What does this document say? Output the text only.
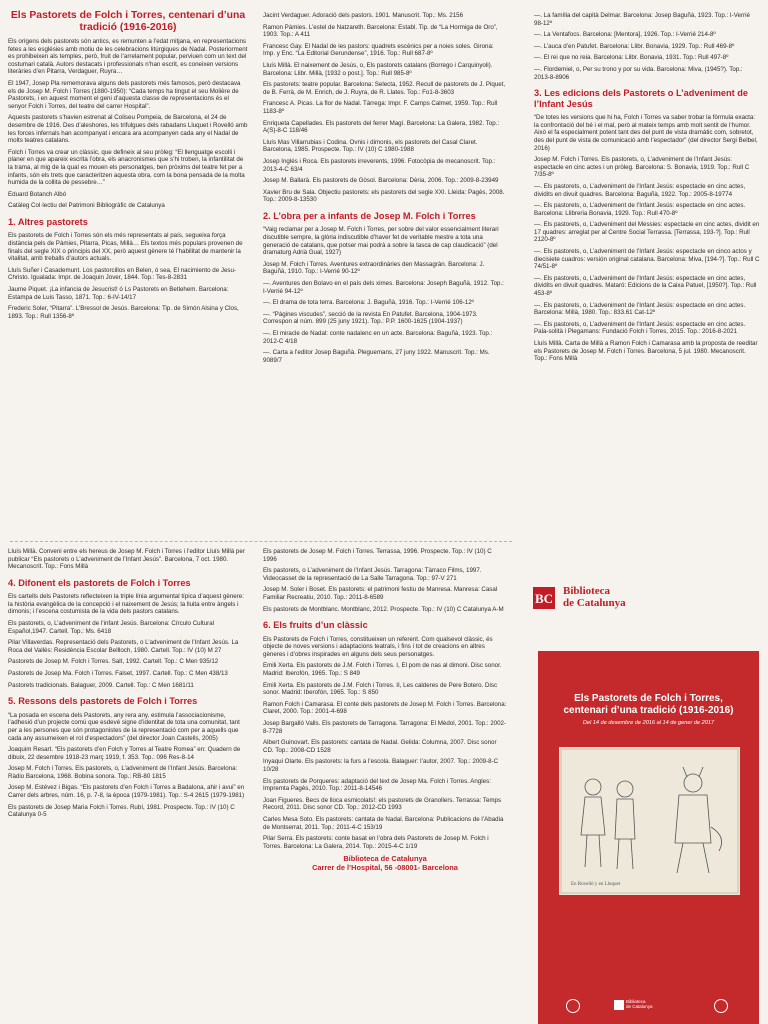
Els Pastorets de Folch i Torres, centenari d’una tradició (1916-2016)

Els orígens dels pastorets són antics, es remunten a l’edat mitjana, en representacions fetes a les esglésies amb motiu de les celebracions litúrgiques de Nadal. Posteriorment es prohibeixen als temples, però, fruit de l’arrelament popular, perviuen com un text del costumari català. Autors destacats i professionals n’han escrit, es coneixen versions literàries d’en Pitarra, Verdaguer, Ruyra…

El 1947, Josep Pla rememorava alguns dels pastorets més famosos, però destacava els de Josep M. Folch i Torres (1880-1950): “Cada temps ha tingut el seu Molière de Pastorets, i en aquest moment el geni d’aquesta classe de representacions és el senyor Folch i Torres, del teatre del carrer Hospital”.

Aquests pastorets s’havien estrenat al Coliseu Pompeia, de Barcelona, el 24 de desembre de 1916. Des d’aleshores, les trifulgues dels rabadans Lluquet i Rovelló amb les forces infernals han acompanyat i encara ara acompanyen cada any el Nadal de molts teatres catalans.

Folch i Torres va crear un clàssic, que defineix al seu pròleg: “El llenguatge escolli i planer en que apareix escrita l’obra, els anacronismes que s’hi troben, la infantilitat de la trama, al mig de la qual es mouen els personatges, ben pròxims del teatre fet per a infants, són els trets que caracteritzen aquesta obra, com la bona pensada de la molta humida de la collita de pessebre…”

Eduard Botanch Albó

Catàleg Col·lectiu del Patrimoni Bibliogràfic de Catalunya

1. Altres pastorets

Els pastorets de Folch i Torres són els més representats al país, segueixa força distància pels de Pàmies, Pitarra, Picas, Millà… Els textos més populars provenen de finals del segle XIX o principis del XX, però aquest gènere té l’habilitat de mantenir la vitalitat, amb treballs d’autors actuals.

Lluís Suñer i Casademunt. Los pastorcillos en Belen, ó sea, El nacimiento de Jesu-Christo. Igualada: Impr. de Joaquin Jover, 1844. Top.: Tes-8-2831

Jaume Piquet. ¡La infancia de Jesucrist! ó Ls Pastorets en Betlehem. Barcelona: Estampa de Luis Tasso, 1871. Top.: 6-IV-14/17

Frederic Soler, “Pitarra”. L’Bressol de Jesús. Barcelona: Tip. de Simón Alsina y Clos, 1893. Top.: Rull 1356-8º

Lluís Millà. Conveni entre els hereus de Josep M. Folch i Torres i l’editor Lluís Millà per publicar “Els pastorets o L’adveniment de l’Infant Jesús”. Barcelona, 7 oct. 1980. Mecanoscrit. Top.: Fons Millà

4. Difonent els pastorets de Folch i Torres

Els cartells dels Pastorets reflecteixen la triple línia argumental típica d’aquest gènere: la història evangèlica de la concepció i el naixement de Jesús; la lluita entre àngels i dimonis; i l’escena costumista de la vida dels pastors catalans.

Els pastorets, o, L’adveniment de l’infant Jesús. Barcelona: Círculo Cultural Español,1947. Cartell. Top.: Ms. 6418

Pilar Villaverdas. Representació dels Pastorets, o L’adveniment de l’Infant Jesús. La Roca del Vallès: Residència Escolar Bellloch, 1980. Cartell. Top.: IV (10) M 27

Pastorets de Josep M. Folch i Torres. Salt, 1992. Cartell. Top.: C Men 935/12

Pastorets de Josep Ma. Folch i Torres. Falset, 1997. Cartell. Top.: C Men 438/13

Pastorets tradicionals. Balaguer, 2009. Cartell. Top.: C Men 1681/11

5. Ressons dels pastorets de Folch i Torres

“La posada en escena dels Pastorets, any rera any, estimula l’associacionisme, l’adhesió d’un projecte comú que esdevé signe d’identitat de tota una comunitat, tant per a les persones que són protagonistes de la representació com per a aquells que cada any assumeixen el rol d’espectadors” (del director Joan Castells, 2005)

Joaquim Resart. “Els pastorets d’en Folch y Torres al Teatre Romea” en: Quadern de dibuix, 22 desembre 1918-23 març 1919, f. 353. Top.: 096 Res-8-14

Josep M. Folch i Torres. Els pastorets, o, L’adveniment de l’Infant Jesús. Barcelona: Ràdio Barcelona, 1968. Bobina sonora. Top.: RB-80 1815

Josep M. Estévez i Bigas. “Els pastorets d’en Folch i Torres a Badalona, ahir i avui” en Carrer dels arbres, núm. 16, p. 7-8, la època (1979-1981). Top.: S-4 2615 (1979-1981)

Els pastorets de Josep Maria Folch i Torres. Rubí, 1981. Prospecte. Top.: IV (10) C Catalunya 0-5

Jacint Verdaguer. Adoració dels pastors. 1901. Manuscrit. Top.: Ms. 2156

Ramon Pàmies. L’estel de Natzareth. Barcelona: Establ. Tip. de “La Hormiga de Oro”, 1903. Top.: A 411

Francesc Gay. El Nadal de les pastors: quadrets escènics per a noies soles. Girona: Imp. y Enc. “La Editorial Gerundense”, 1916. Top.: Rull 687-8º

Lluís Millà. El naixement de Jesús, o, Els pastorets catalans (Borrego i Carquinyoli). Barcelona: Llibr. Millà, [1932 o post.]. Top.: Rull 985-8º

Els pastorets: teatre popular. Barcelona: Selecta, 1952. Recull de pastorets de J. Piquet, de B. Ferrà, de M. Enrich, de J. Ruyra, de R. Llates. Top.: Fo1-8-3603

Francesc A. Picas. La flor de Nadal. Tàrrega: Impr. F. Camps Calmet, 1959. Top.: Rull 1183-8º

Enriqueta Capellades. Els pastorets del ferrer Magí. Barcelona: La Galera, 1982. Top.: A(S)-8-C 118/46

Lluís Mas Villarrubias i Codina. Ovnis i dimonis, els pastorets del Casal Claret. Barcelona, 1985. Prospecte. Top.: IV (10) C 1980-1988

Josep Inglés i Roca. Els pastorets irreverents, 1996. Fotocòpia de mecanoscrit. Top.: 2013-4-C 63/4

Josep M. Ballarà. Els pastorets de Gòsol. Barcelona: Dèria, 2006. Top.: 2009-8-23949

Xavier Bru de Sala. Objectiu pastorets: els pastorets del segle XXI. Lleida: Pagès, 2008. Top.: 2009-8-13530

2. L’obra per a infants de Josep M. Folch i Torres

“Vaig reclamar per a Josep M. Folch i Torres, per sobre del valor essencialment literari discutible sempre, la glòria indiscutible d’haver fet de veritable mestre a tota una generació de catalans, que potser mai podrà a sobre la tasca de cap claudicació” (del dramaturg Adrià Gual, 1927)

Josep M. Folch i Torres. Aventures extraordinàries den Massagràn. Barcelona: J. Baguñà, 1910. Top.: I-Verrié 90-12º

—. Aventures den Bolavo en el país dels ximes. Barcelona: Joseph Baguñà, 1912. Top.: I-Verrié 94-12º

—. El drama de tota terra. Barcelona: J. Baguñà, 1916. Top.: I-Verrié 106-12º

—. “Pàgines viscudes”, secció de la revista En Patufet. Barcelona, 1904-1973. Correspon al núm. 899 (25 juny 1921). Top.: P.P. 1600-1625 (1904-1937)

—. El miracle de Nadal: conte nadalenc en un acte. Barcelona: Baguñà, 1923. Top.: 2012-C 4/18

—. Carta a l’editor Josep Baguñà. Pleguemans, 27 juny 1922. Manuscrit. Top.: Ms. 9089/7

Els pastorets de Josep M. Folch i Torres. Terrassa, 1996. Prospecte. Top.: IV (10) C 1996

Els pastorets, o L’adveniment de l’Infant Jesús. Tarragona: Tàrraco Films, 1997. Videocasset de la representació de La Salle Tarragona. Top.: 97-V 271

Josep M. Soler i Boset. Els pastorets: el patrimoni festiu de Manresa. Manresa: Casal Familiar Recreatiu, 2010. Top.: 2011-8-6589

Els pastorets de Montblanc. Montblanc, 2012. Prospecte. Top.: IV (10) C Catalunya A-M

6. Els fruits d’un clàssic

Els Pastorets de Folch i Torres, constitueixen un referent. Com qualsevol clàssic, és objecte de noves versions i adaptacions teatrals, i fins i tot de creacions en altres gèneres i d’obres inspirades en alguns dels seus personatges.

Emili Xerta. Els pastorets de J.M. Folch i Torres. I, El pom de nas al dimoni. Disc sonor. Madrid: Iberofón, 1965. Top.: S 849

Emili Xerta. Els pastorets de J.M. Folch i Torres. II, Les calderes de Pere Botero. Disc sonor. Madrid: Iberofón, 1965. Top.: S 850

Ramon Folch i Camarasa. El conte dels pastorets de Josep M. Folch i Torres. Barcelona: Claret, 2000. Top.: 2001-4-698

Josep Bargalló Valls. Els pastorets de Tarragona. Tarragona: El Mèdol, 2001. Top.: 2002-8-7728

Albert Guinovart. Els pastorets: cantata de Nadal. Gelida: Columna, 2007. Disc sonor CD. Top.: 2008-CD 1528

Inyaqui Olarte. Els pastorets: la furs a l’escola. Balaguer: l’autor, 2007. Top.: 2009-8-C 10/28

Els pastorets de Porqueres: adaptació del text de Josep Ma. Folch i Torres. Angles: Impremta Pagès, 2010. Top.: 2011-8-14546

Joan Figueres. Becs de lloca esmicolats!: els pastorets de Granollers. Terrassa: Temps Record, 2011. Disc sonor CD. Top.: 2012-CD 1993

Carles Mesa Soto. Els pastorets: cantata de Nadal. Barcelona: Publicacions de l’Abadia de Montserrat, 2011. Top.: 2011-4-C 153/19

Pilar Serra. Els pastorets: conte basat en l’obra dels Pastorets de Josep M. Folch i Torres. Barcelona: La Galera, 2014. Top.: 2015-4-C 1/19

Biblioteca de Catalunya
Carrer de l’Hospital, 56 -08001- Barcelona

—. La família del capità Delmar. Barcelona: Josep Baguñà, 1923. Top.: I-Verrié 98-12º

—. La Ventafocs. Barcelona: [Mentora], 1926. Top.: I-Verrié 214-8º

—. L’auca d’en Patufet. Barcelona: Llibr. Bonavia, 1929. Top.: Rull 469-8º

—. El rei que no reia. Barcelona: Llibr. Bonavia, 1931. Top.: Rull 497-8º

—. Flordemiel, o, Per su trono y por su vida. Barcelona: Miva, (1945?). Top.: 2013-8-8906

3. Les edicions dels Pastorets o L’adveniment de l’Infant Jesús

“De totes les versions que hi ha, Folch i Torres va saber trobar la fórmula exacta: la confrontació del bé i el mal, però al mateix temps amb molt sentit de l’humor. Això el fa especialment potent tant des del punt de vista dramàtic com, sobretot, des del punt de vista de comunicació amb l’espectador” (del director Sergi Belbel, 2016)

Josep M. Folch i Torres. Els pastorets, o, L’adveniment de l’Infant Jesús: espectacle en cinc actes i un pròleg. Barcelona: S. Bonavia, 1919. Top.: Rull C 7/35-8º

—. Els pastorets, o, L’adveniment de l’Infant Jesús: espectacle en cinc actes, dividits en divuit quadres. Barcelona: Baguñà, 1922. Top.: 2005-8-19774

—. Els pastorets, o, L’adveniment de l’Infant Jesús: espectacle en cinc actes. Barcelona: Llibreria Bonavia, 1929. Top.: Rull 470-8º

—. Els pastorets, o, L’adveniment del Messies: espectacle en cinc actes, dividit en 17 quadres: arreglat per al Centre Social Terrassa. [Terrassa, 193-?]. Top.: Rull 2120-8º

—. Els pastorets, o, L’adveniment de l’Infant Jesús: espectacle en cinco actos y diecisiete cuadros: versión original catalana. Barcelona: Miva, [194-?]. Top.: Rull C 74/51-8º

—. Els pastorets, o, L’adveniment de l’Infant Jesús: espectacle en cinc actes, dividits en divuit quadres. Mataró: Edicions de la Caixa Patuel, [1950?]. Top.: Rull 453-8º

—. Els pastorets, o, L’adveniment de l’Infant Jesús: espectacle en cinc actes. Barcelona: Millà, 1980. Top.: 833.61 Cat-12º

—. Els pastorets, o, L’adveniment de l’Infant Jesús: espectacle en cinc actes. Pala-solità i Plegamans: Fundació Folch i Torres, 2015. Top.: 2016-8-2021

Lluís Millà. Carta de Millà a Ramon Folch i Camarasa amb la proposta de reeditar els Pastorets de Josep M. Folch i Torres. Barcelona, 5 jul. 1980. Mecanoscrit. Top.: Fons Millà

BC Biblioteca
de Catalunya
Els Pastorets de Folch i Torres,
centenari d’una tradició (1916-2016)
Del 14 de desembre de 2016 al 14 de gener de 2017
En Rovelló y en Lluquet
Biblioteca
de Catalunya
